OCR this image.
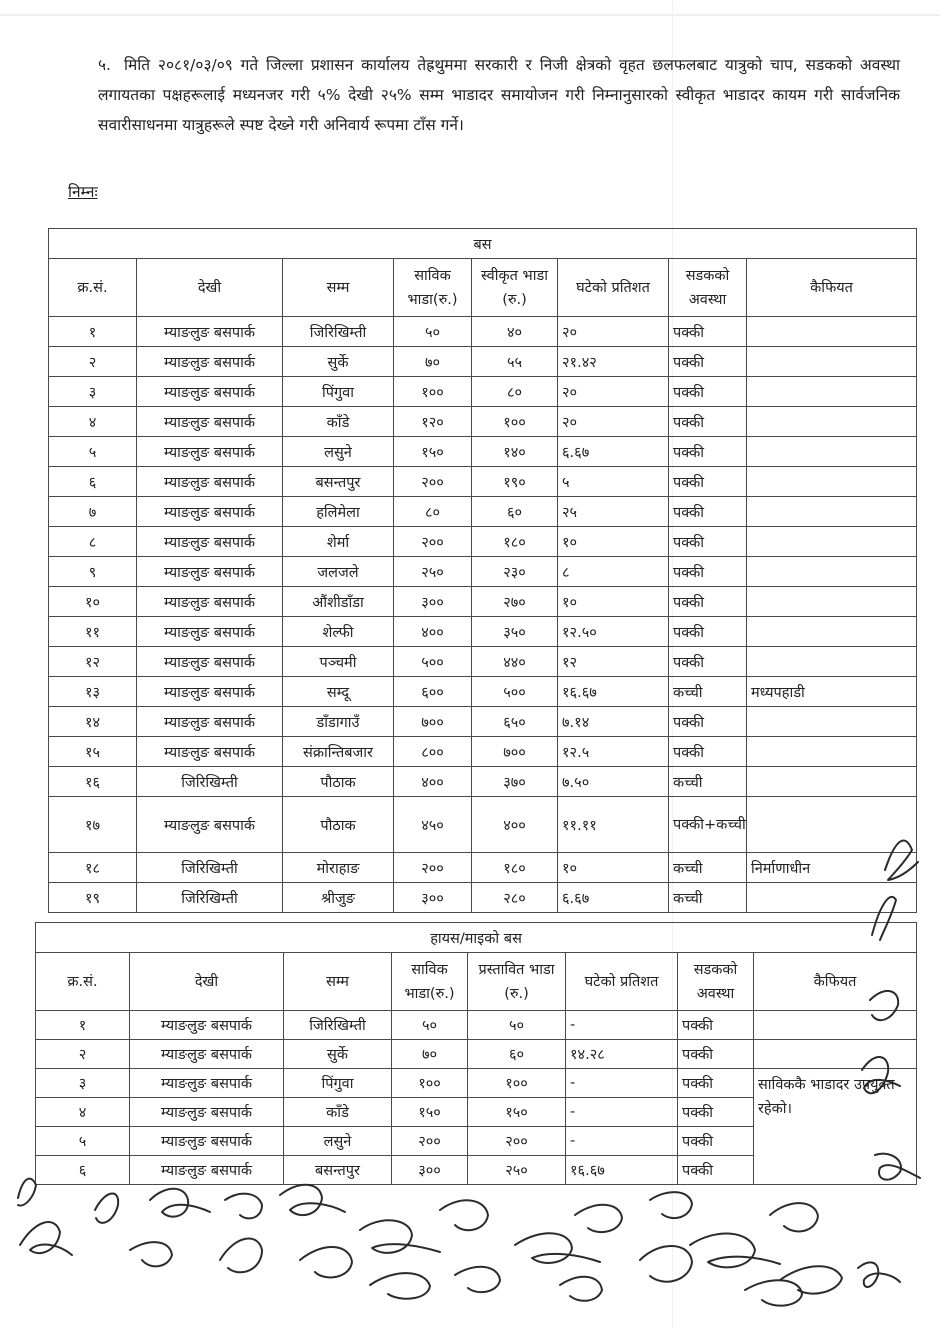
५. मिति २०८१/०३/०९ गते जिल्ला प्रशासन कार्यालय तेह्रथुममा सरकारी र निजी क्षेत्रको वृहत छलफलबाट यात्रुको चाप, सडकको अवस्था लगायतका पक्षहरूलाई मध्यनजर गरी ५% देखी २५% सम्म भाडादर समायोजन गरी निम्नानुसारको स्वीकृत भाडादर कायम गरी सार्वजनिक सवारीसाधनमा यात्रुहरूले स्पष्ट देख्ने गरी अनिवार्य रूपमा टाँस गर्ने।
निम्नः
बस							
क्र.सं.	देखी	सम्म	साविक भाडा(रु.)	स्वीकृत भाडा (रु.)	घटेको प्रतिशत	सडकको अवस्था	कैफियत
१	म्याङलुङ बसपार्क	जिरिखिम्ती	५०	४०	२०	पक्की	
२	म्याङलुङ बसपार्क	सुर्के	७०	५५	२१.४२	पक्की	
३	म्याङलुङ बसपार्क	पिंगुवा	१००	८०	२०	पक्की	
४	म्याङलुङ बसपार्क	काँडे	१२०	१००	२०	पक्की	
५	म्याङलुङ बसपार्क	लसुने	१५०	१४०	६.६७	पक्की	
६	म्याङलुङ बसपार्क	बसन्तपुर	२००	१९०	५	पक्की	
७	म्याङलुङ बसपार्क	हलिमेला	८०	६०	२५	पक्की	
८	म्याङलुङ बसपार्क	शेर्मा	२००	१८०	१०	पक्की	
९	म्याङलुङ बसपार्क	जलजले	२५०	२३०	८	पक्की	
१०	म्याङलुङ बसपार्क	औंशीडाँडा	३००	२७०	१०	पक्की	
११	म्याङलुङ बसपार्क	शेल्फी	४००	३५०	१२.५०	पक्की	
१२	म्याङलुङ बसपार्क	पञ्चमी	५००	४४०	१२	पक्की	
१३	म्याङलुङ बसपार्क	सम्दू	६००	५००	१६.६७	कच्ची	मध्यपहाडी
१४	म्याङलुङ बसपार्क	डाँडागाउँ	७००	६५०	७.१४	पक्की	
१५	म्याङलुङ बसपार्क	संक्रान्तिबजार	८००	७००	१२.५	पक्की	
१६	जिरिखिम्ती	पौठाक	४००	३७०	७.५०	कच्ची	
१७	म्याङलुङ बसपार्क	पौठाक	४५०	४००	११.११	पक्की+कच्ची	
१८	जिरिखिम्ती	मोराहाङ	२००	१८०	१०	कच्ची	निर्माणाधीन
१९	जिरिखिम्ती	श्रीजुङ	३००	२८०	६.६७	कच्ची	
हायस/माइको बस							
क्र.सं.	देखी	सम्म	साविक भाडा(रु.)	प्रस्तावित भाडा (रु.)	घटेको प्रतिशत	सडकको अवस्था	कैफियत
१	म्याङलुङ बसपार्क	जिरिखिम्ती	५०	५०	-	पक्की	
२	म्याङलुङ बसपार्क	सुर्के	७०	६०	१४.२८	पक्की	
३	म्याङलुङ बसपार्क	पिंगुवा	१००	१००	-	पक्की	साविककै भाडादर उपयुक्त रहेको।
४	म्याङलुङ बसपार्क	काँडे	१५०	१५०	-	पक्की	
५	म्याङलुङ बसपार्क	लसुने	२००	२००	-	पक्की	
६	म्याङलुङ बसपार्क	बसन्तपुर	३००	२५०	१६.६७	पक्की	
